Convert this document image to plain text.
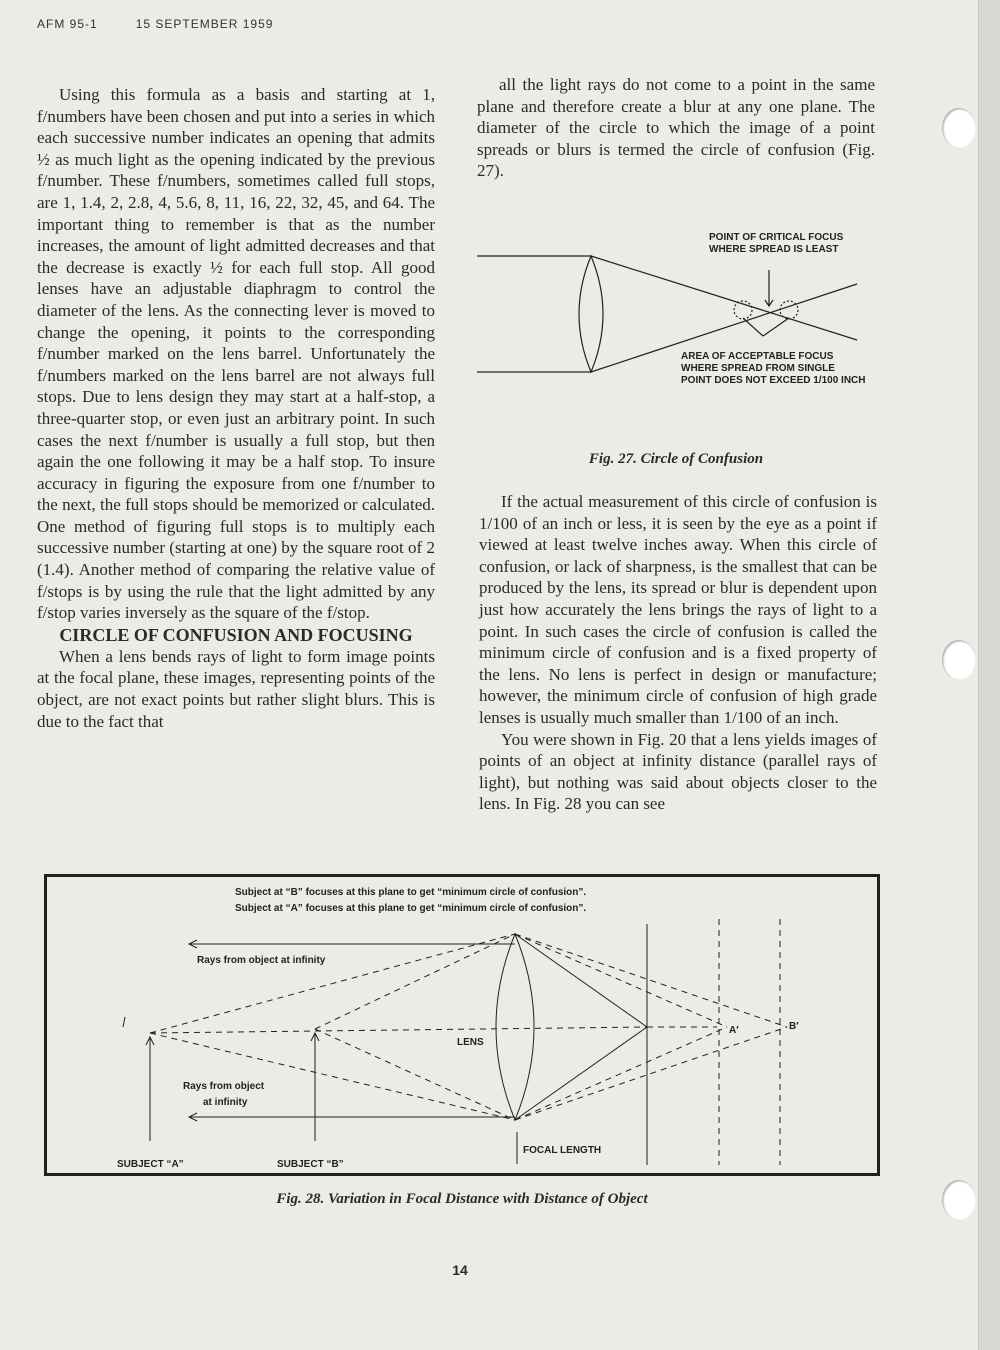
AFM 95-1	15 SEPTEMBER 1959

Using this formula as a basis and starting at 1, f/numbers have been chosen and put into a series in which each successive number indicates an opening that admits ½ as much light as the opening indicated by the previous f/number. These f/numbers, sometimes called full stops, are 1, 1.4, 2, 2.8, 4, 5.6, 8, 11, 16, 22, 32, 45, and 64. The important thing to remember is that as the number increases, the amount of light admitted decreases and that the decrease is exactly ½ for each full stop. All good lenses have an adjustable diaphragm to control the diameter of the lens. As the connecting lever is moved to change the opening, it points to the corresponding f/number marked on the lens barrel. Unfortunately the f/numbers marked on the lens barrel are not always full stops. Due to lens design they may start at a half-stop, a three-quarter stop, or even just an arbitrary point. In such cases the next f/number is usually a full stop, but then again the one following it may be a half stop. To insure accuracy in figuring the exposure from one f/number to the next, the full stops should be memorized or calculated. One method of figuring full stops is to multiply each successive number (starting at one) by the square root of 2 (1.4). Another method of comparing the relative value of f/stops is by using the rule that the light admitted by any f/stop varies inversely as the square of the f/stop.

CIRCLE OF CONFUSION AND FOCUSING

When a lens bends rays of light to form image points at the focal plane, these images, representing points of the object, are not exact points but rather slight blurs. This is due to the fact that

all the light rays do not come to a point in the same plane and therefore create a blur at any one plane. The diameter of the circle to which the image of a point spreads or blurs is termed the circle of confusion (Fig. 27).

POINT OF CRITICAL FOCUS
WHERE SPREAD IS LEAST
AREA OF ACCEPTABLE FOCUS
WHERE SPREAD FROM SINGLE
POINT DOES NOT EXCEED 1/100 INCH
Fig. 27. Circle of Confusion

If the actual measurement of this circle of confusion is 1/100 of an inch or less, it is seen by the eye as a point if viewed at least twelve inches away. When this circle of confusion, or lack of sharpness, is the smallest that can be produced by the lens, its spread or blur is dependent upon just how accurately the lens brings the rays of light to a point. In such cases the circle of confusion is called the minimum circle of confusion and is a fixed property of the lens. No lens is perfect in design or manufacture; however, the minimum circle of confusion of high grade lenses is usually much smaller than 1/100 of an inch.

You were shown in Fig. 20 that a lens yields images of points of an object at infinity distance (parallel rays of light), but nothing was said about objects closer to the lens. In Fig. 28 you can see

Subject at “B” focuses at this plane to get “minimum circle of confusion”.
Subject at “A” focuses at this plane to get “minimum circle of confusion”.
Rays from object at infinity
Rays from object
at infinity
LENS
SUBJECT “A”	SUBJECT “B”
FOCAL LENGTH
A′	B′
Fig. 28. Variation in Focal Distance with Distance of Object
14
